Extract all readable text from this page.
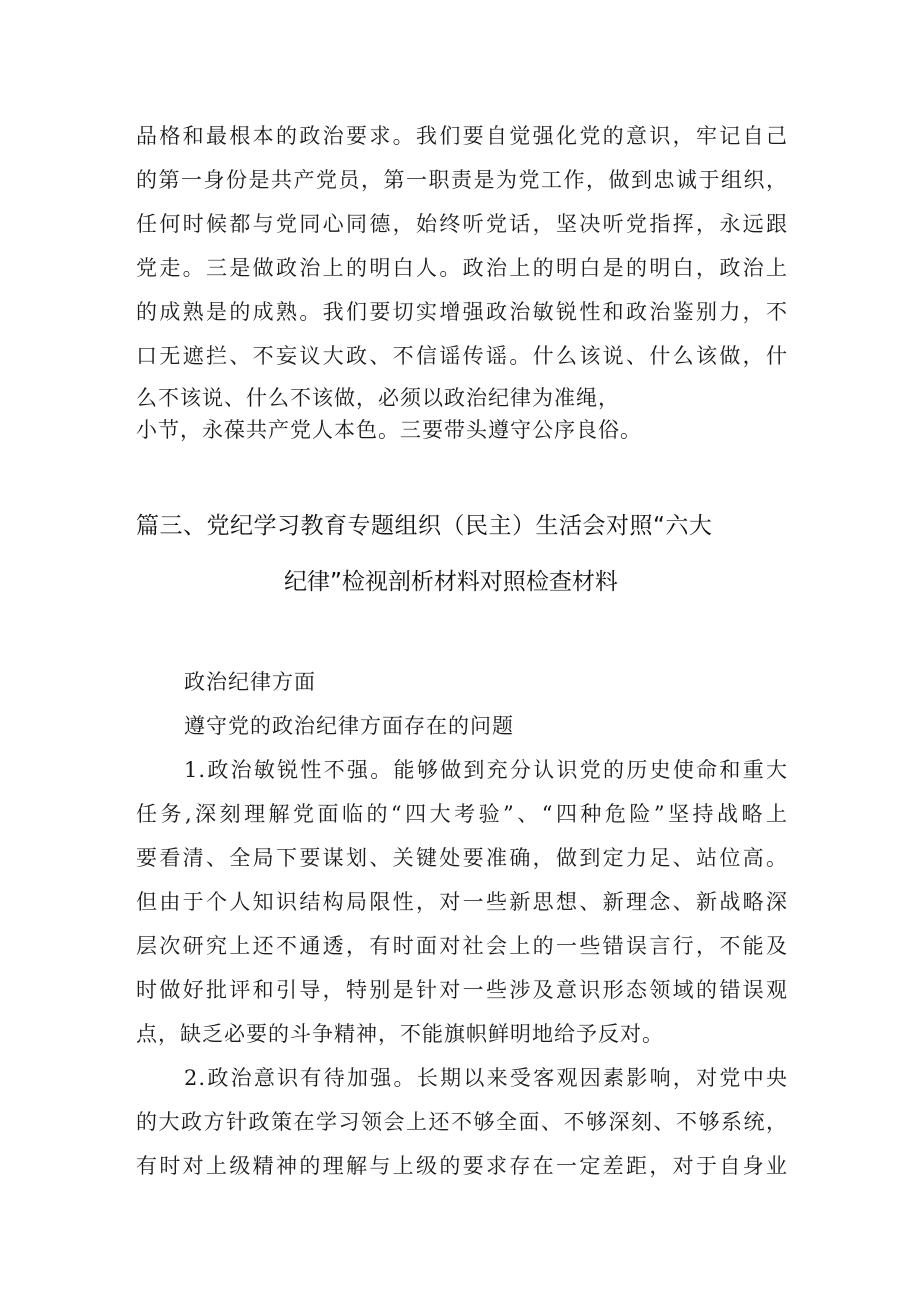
品格和最根本的政治要求。我们要自觉强化党的意识，牢记自己
的第一身份是共产党员，第一职责是为党工作，做到忠诚于组织，
任何时候都与党同心同德，始终听党话，坚决听党指挥，永远跟
党走。三是做政治上的明白人。政治上的明白是的明白，政治上
的成熟是的成熟。我们要切实增强政治敏锐性和政治鉴别力，不
口无遮拦、不妄议大政、不信谣传谣。什么该说、什么该做，什
么不该说、什么不该做，必须以政治纪律为准绳，
小节，永葆共产党人本色。三要带头遵守公序良俗。
篇三、党纪学习教育专题组织（民主）生活会对照“六大
纪律”检视剖析材料对照检查材料
政治纪律方面
遵守党的政治纪律方面存在的问题
1.政治敏锐性不强。能够做到充分认识党的历史使命和重大
任务,深刻理解党面临的“四大考验”、“四种危险”坚持战略上
要看清、全局下要谋划、关键处要准确，做到定力足、站位高。
但由于个人知识结构局限性，对一些新思想、新理念、新战略深
层次研究上还不通透，有时面对社会上的一些错误言行，不能及
时做好批评和引导，特别是针对一些涉及意识形态领域的错误观
点，缺乏必要的斗争精神，不能旗帜鲜明地给予反对。
2.政治意识有待加强。长期以来受客观因素影响，对党中央
的大政方针政策在学习领会上还不够全面、不够深刻、不够系统，
有时对上级精神的理解与上级的要求存在一定差距，对于自身业
